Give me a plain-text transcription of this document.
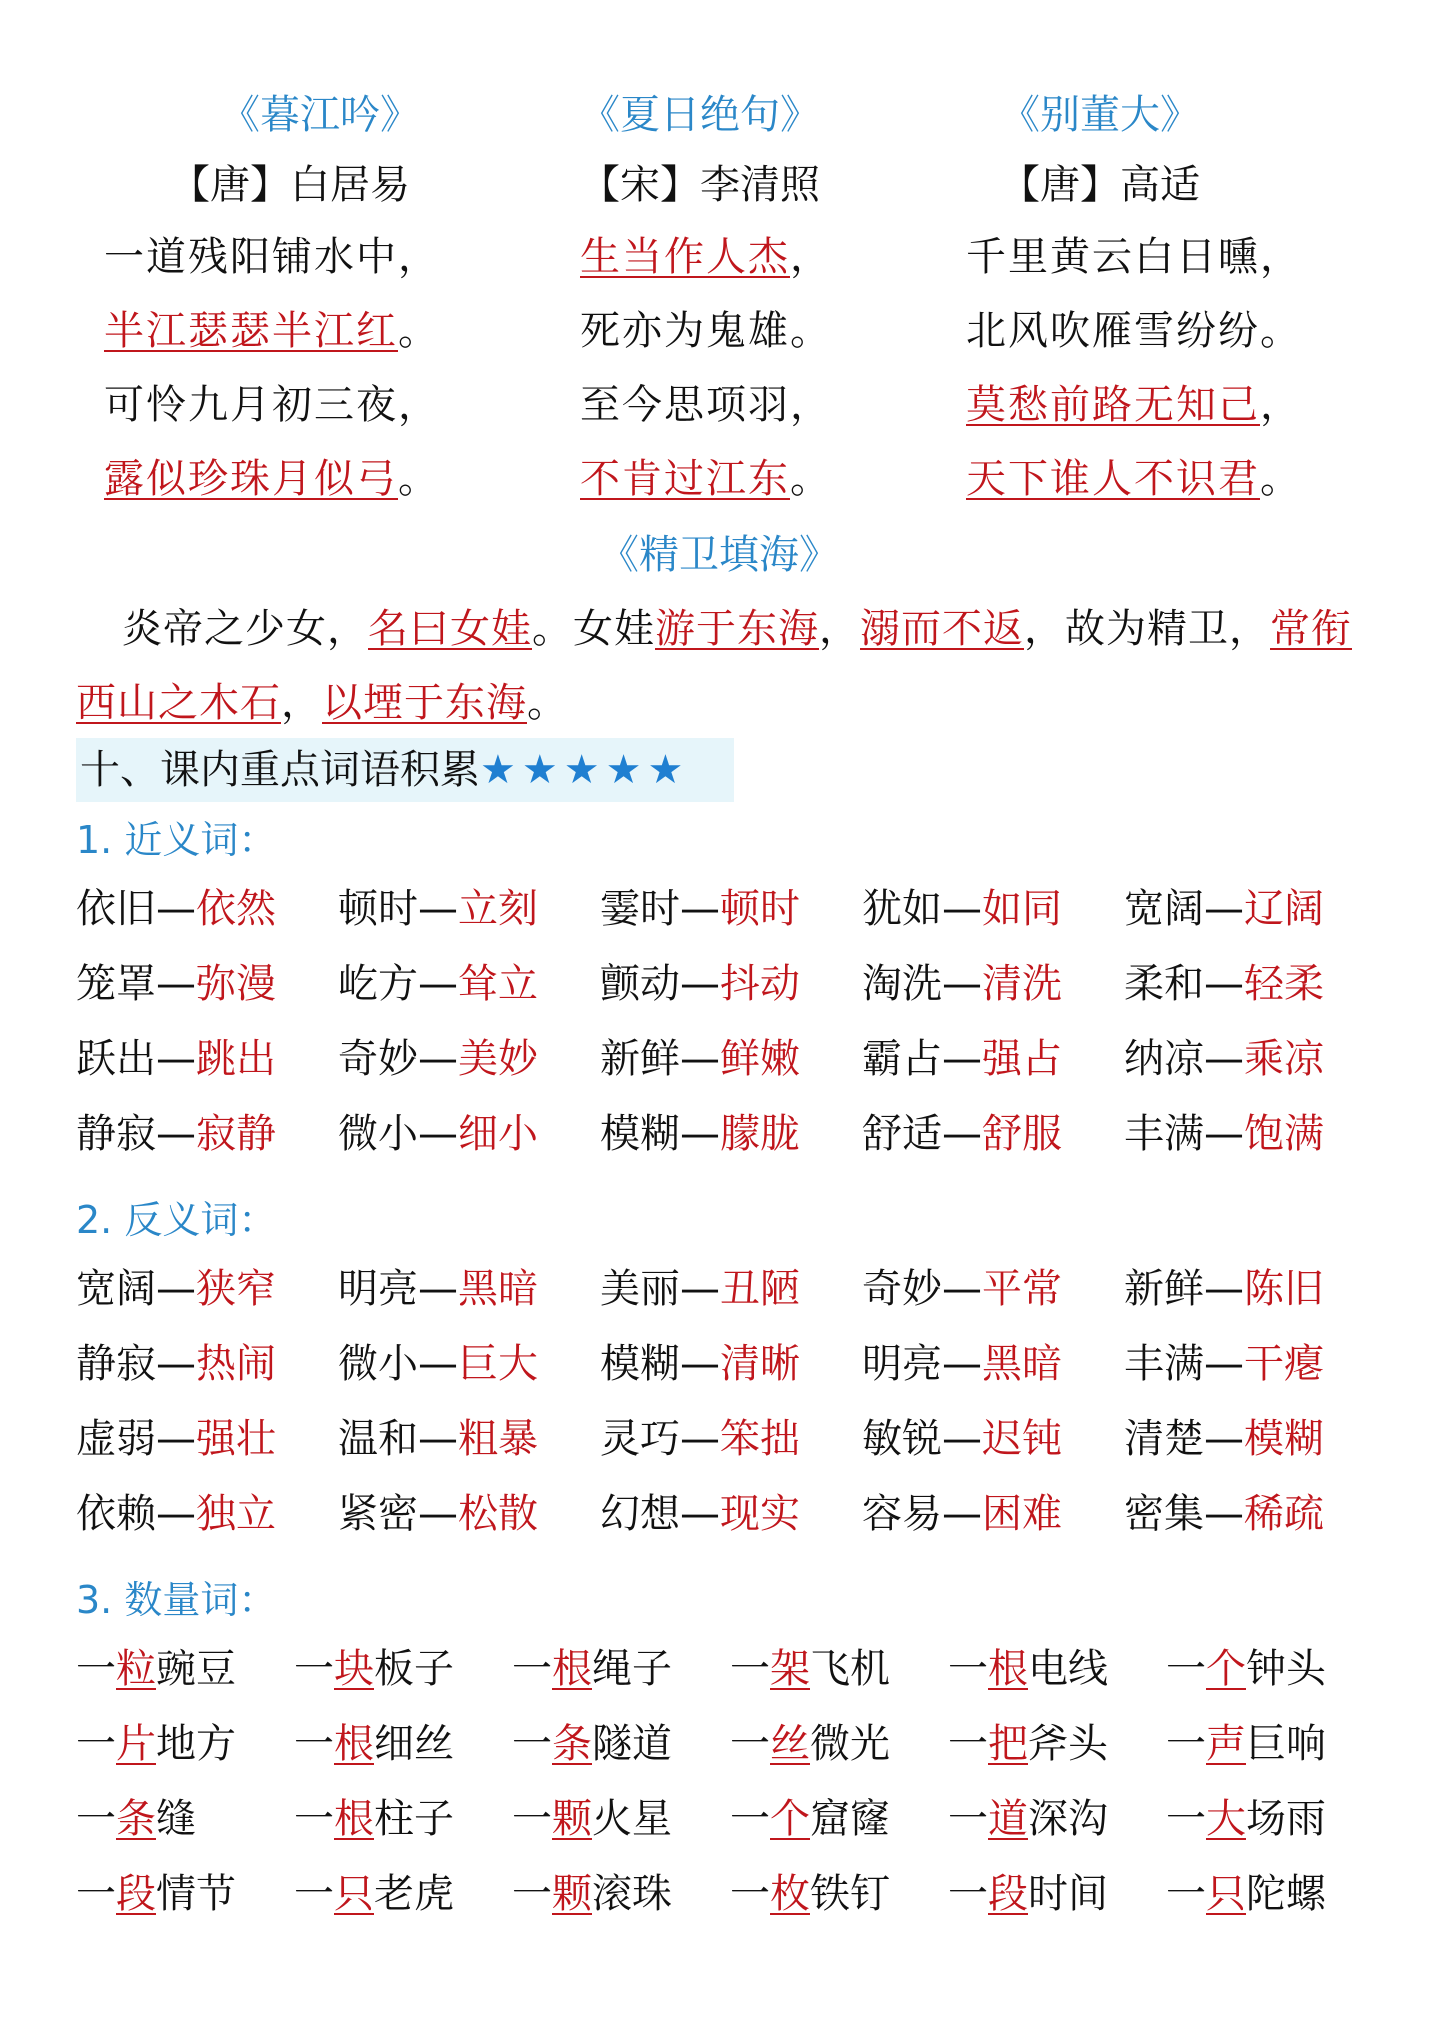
《暮江吟》
【唐】白居易
一道残阳铺水中，
半江瑟瑟半江红。
可怜九月初三夜，
露似珍珠月似弓。
《夏日绝句》
【宋】李清照
生当作人杰，
死亦为鬼雄。
至今思项羽，
不肯过江东。
《别董大》
【唐】高适
千里黄云白日曛，
北风吹雁雪纷纷。
莫愁前路无知己，
天下谁人不识君。
《精卫填海》
炎帝之少女，名曰女娃。女娃游于东海，溺而不返，故为精卫，常衔西山之木石，以堙于东海。
十、课内重点词语积累★★★★★
1. 近义词：
依旧—依然 顿时—立刻 霎时—顿时 犹如—如同 宽阔—辽阔
笼罩—弥漫 屹方—耸立 颤动—抖动 淘洗—清洗 柔和—轻柔
跃出—跳出 奇妙—美妙 新鲜—鲜嫩 霸占—强占 纳凉—乘凉
静寂—寂静 微小—细小 模糊—朦胧 舒适—舒服 丰满—饱满
2. 反义词：
宽阔—狭窄 明亮—黑暗 美丽—丑陋 奇妙—平常 新鲜—陈旧
静寂—热闹 微小—巨大 模糊—清晰 明亮—黑暗 丰满—干瘪
虚弱—强壮 温和—粗暴 灵巧—笨拙 敏锐—迟钝 清楚—模糊
依赖—独立 紧密—松散 幻想—现实 容易—困难 密集—稀疏
3. 数量词：
一粒豌豆 一块板子 一根绳子 一架飞机 一根电线 一个钟头
一片地方 一根细丝 一条隧道 一丝微光 一把斧头 一声巨响
一条缝 一根柱子 一颗火星 一个窟窿 一道深沟 一大场雨
一段情节 一只老虎 一颗滚珠 一枚铁钉 一段时间 一只陀螺
